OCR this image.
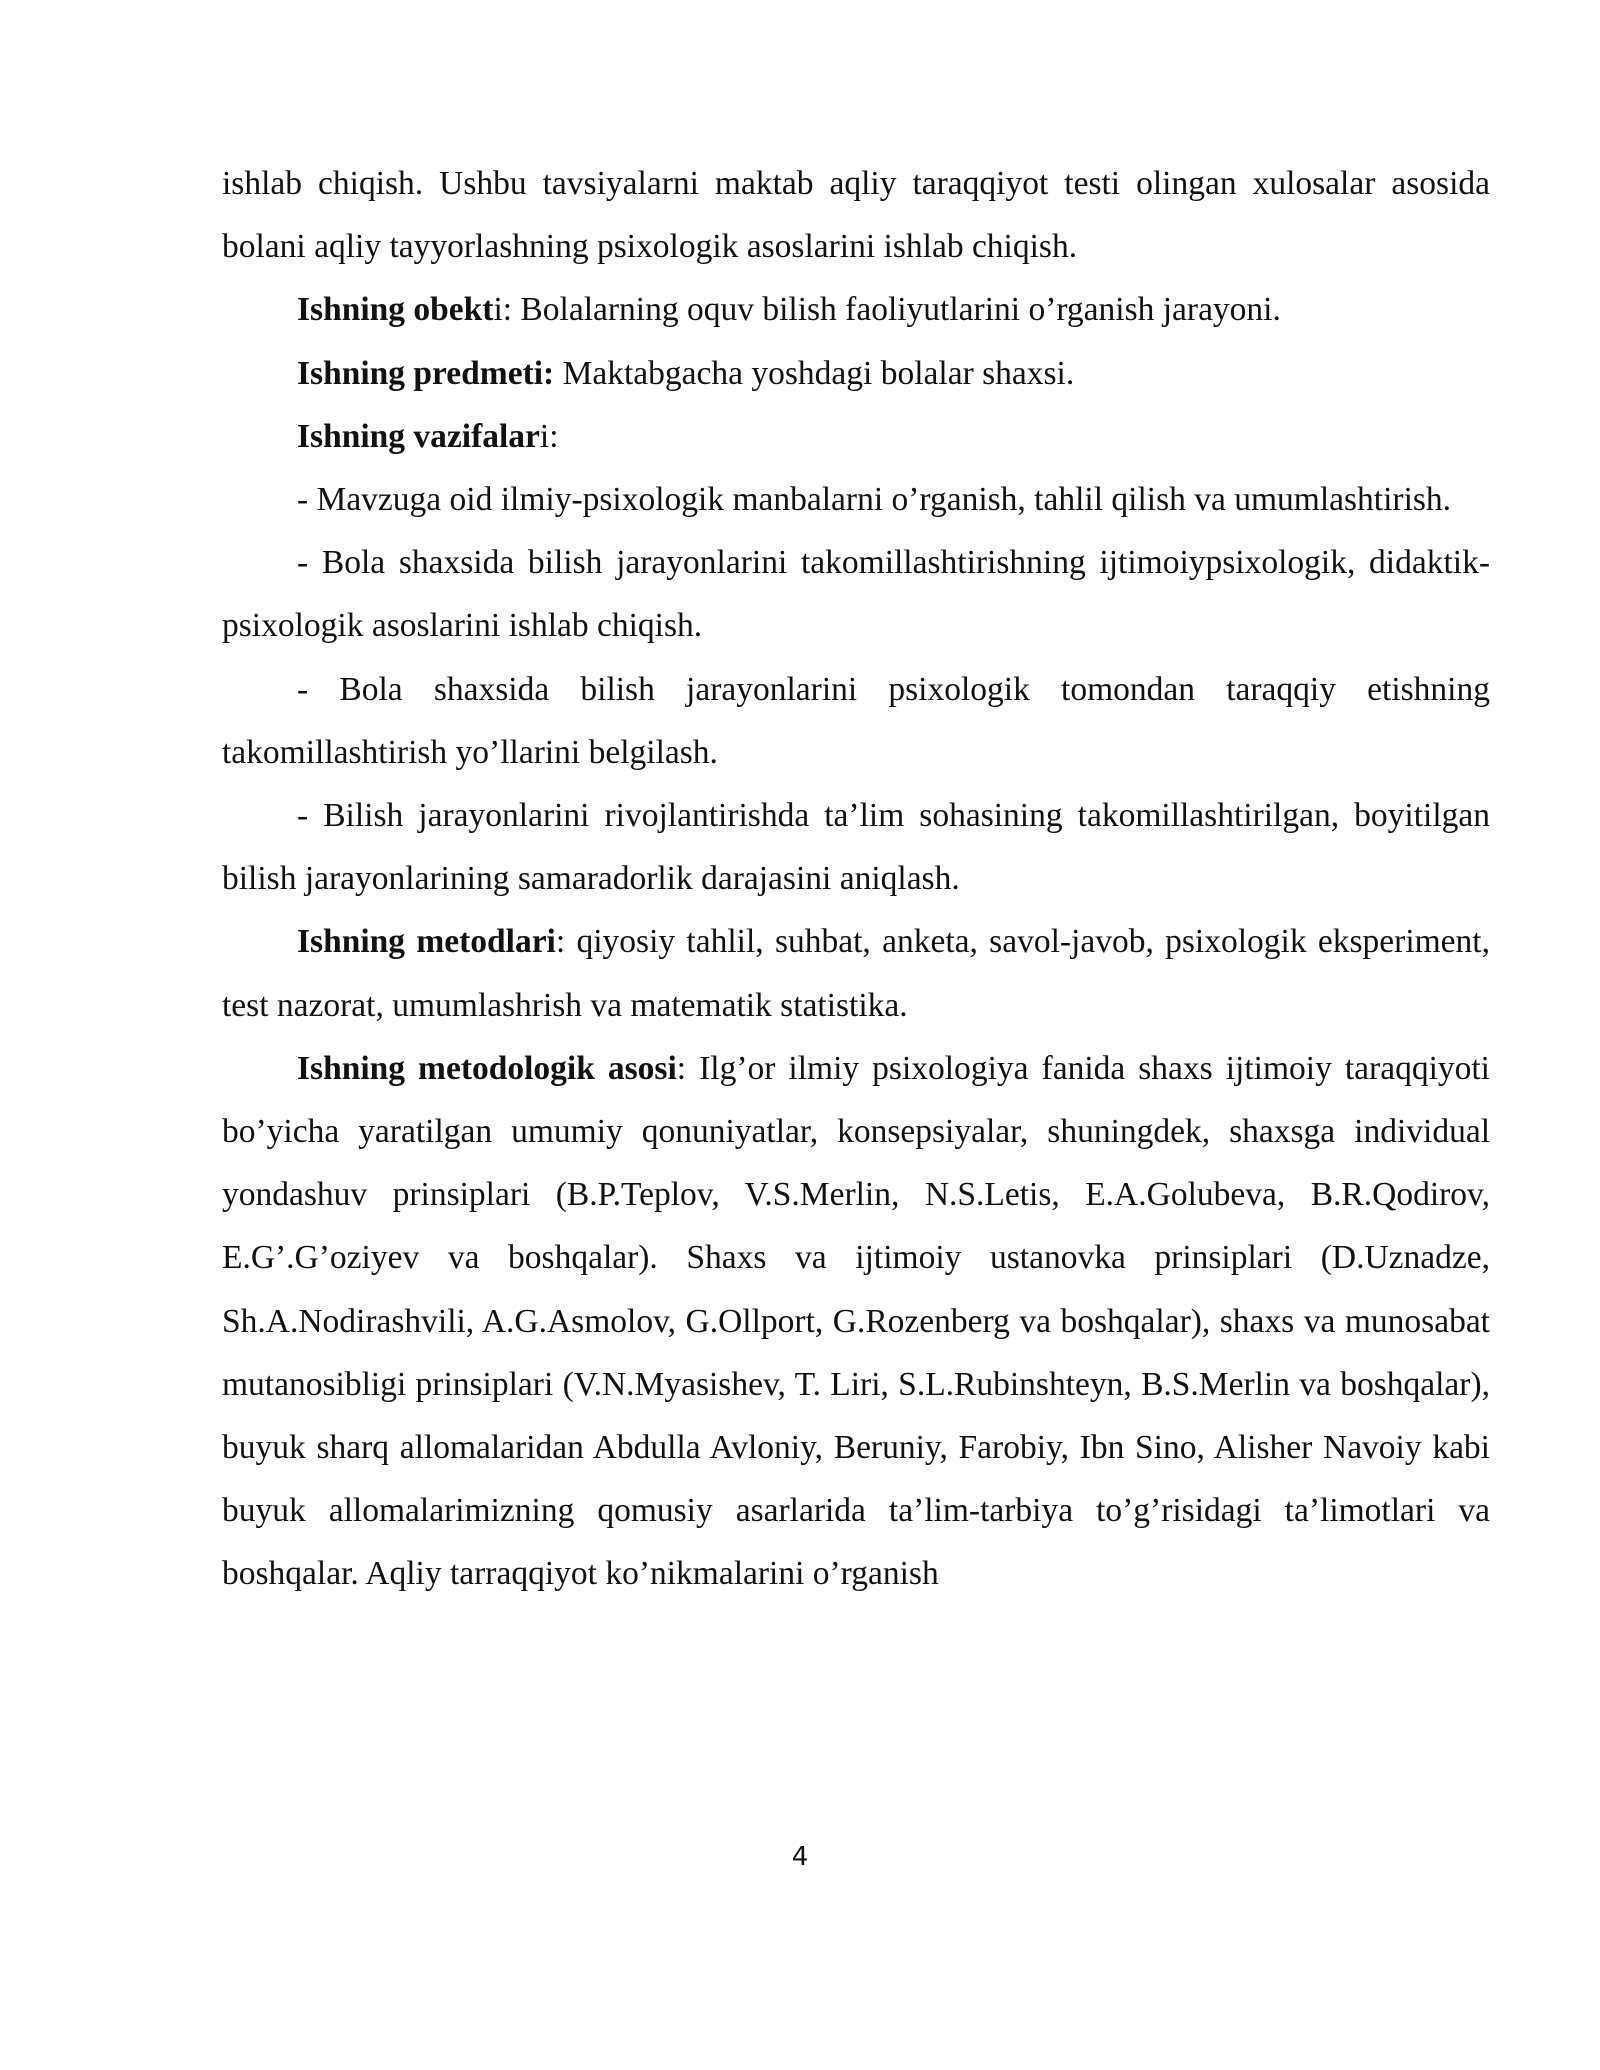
ishlab chiqish. Ushbu tavsiyalarni maktab aqliy taraqqiyot testi olingan xulosalar asosida bolani aqliy tayyorlashning psixologik asoslarini ishlab chiqish.

Ishning obekti: Bolalarning oquv bilish faoliyutlarini o’rganish jarayoni.

Ishning predmeti: Maktabgacha yoshdagi bolalar shaxsi.

Ishning vazifalari:

- Mavzuga oid ilmiy-psixologik manbalarni o’rganish, tahlil qilish va umumlashtirish.

- Bola shaxsida bilish jarayonlarini takomillashtirishning ijtimoiypsixologik, didaktik-psixologik asoslarini ishlab chiqish.

- Bola shaxsida bilish jarayonlarini psixologik tomondan taraqqiy etishning takomillashtirish yo’llarini belgilash.

- Bilish jarayonlarini rivojlantirishda ta’lim sohasining takomillashtirilgan, boyitilgan bilish jarayonlarining samaradorlik darajasini aniqlash.

Ishning metodlari: qiyosiy tahlil, suhbat, anketa, savol-javob, psixologik eksperiment, test nazorat, umumlashrish va matematik statistika.

Ishning metodologik asosi: Ilg’or ilmiy psixologiya fanida shaxs ijtimoiy taraqqiyoti bo’yicha yaratilgan umumiy qonuniyatlar, konsepsiyalar, shuningdek, shaxsga individual yondashuv prinsiplari (B.P.Teplov, V.S.Merlin, N.S.Letis, E.A.Golubeva, B.R.Qodirov, E.G’.G’oziyev va boshqalar). Shaxs va ijtimoiy ustanovka prinsiplari (D.Uznadze, Sh.A.Nodirashvili, A.G.Asmolov, G.Ollport, G.Rozenberg va boshqalar), shaxs va munosabat mutanosibligi prinsiplari (V.N.Myasishev, T. Liri, S.L.Rubinshteyn, B.S.Merlin va boshqalar), buyuk sharq allomalaridan Abdulla Avloniy, Beruniy, Farobiy, Ibn Sino, Alisher Navoiy kabi buyuk allomalarimizning qomusiy asarlarida ta’lim-tarbiya to’g’risidagi ta’limotlari va boshqalar. Aqliy tarraqqiyot ko’nikmalarini o’rganish

4
